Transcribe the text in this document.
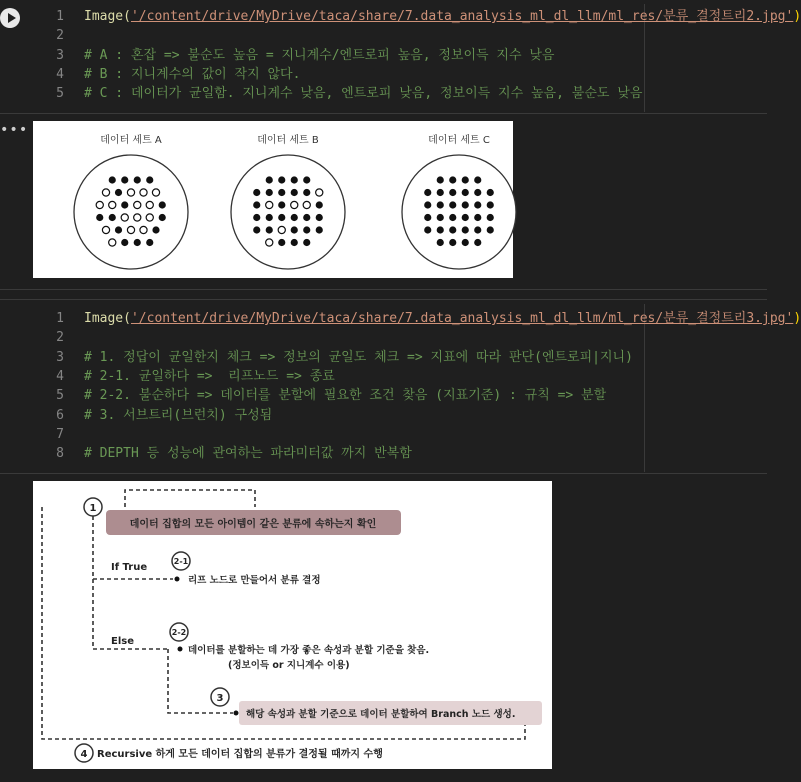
1 Image('/content/drive/MyDrive/taca/share/7.data_analysis_ml_dl_llm/ml_res/분류_결정트리2.jpg')
2
3 # A : 혼잡 => 불순도 높음 = 지니계수/엔트로피 높음, 정보이득 지수 낮음
4 # B : 지니계수의 값이 작지 않다.
5 # C : 데이터가 균일함. 지니계수 낮음, 엔트로피 낮음, 정보이득 지수 높음, 불순도 낮음
•••
데이터 세트 A	데이터 세트 B	데이터 세트 C
1 Image('/content/drive/MyDrive/taca/share/7.data_analysis_ml_dl_llm/ml_res/분류_결정트리3.jpg')
2
3 # 1. 정답이 균일한지 체크 => 정보의 균일도 체크 => 지표에 따라 판단(엔트로피|지니)
4 # 2-1. 균일하다 =>  리프노드 => 종료
5 # 2-2. 불순하다 => 데이터를 분할에 필요한 조건 찾음 (지표기준) : 규칙 => 분할
6 # 3. 서브트리(브런치) 구성됨
7
8 # DEPTH 등 성능에 관여하는 파라미터값 까지 반복함
1
데이터 집합의 모든 아이템이 같은 분류에 속하는지 확인
If True
2-1
리프 노드로 만들어서 분류 결정
Else
2-2
데이터를 분할하는 데 가장 좋은 속성과 분할 기준을 찾음.
(정보이득 or 지니계수 이용)
3
해당 속성과 분할 기준으로 데이터 분할하여 Branch 노드 생성.
4 Recursive 하게 모든 데이터 집합의 분류가 결정될 때까지 수행
